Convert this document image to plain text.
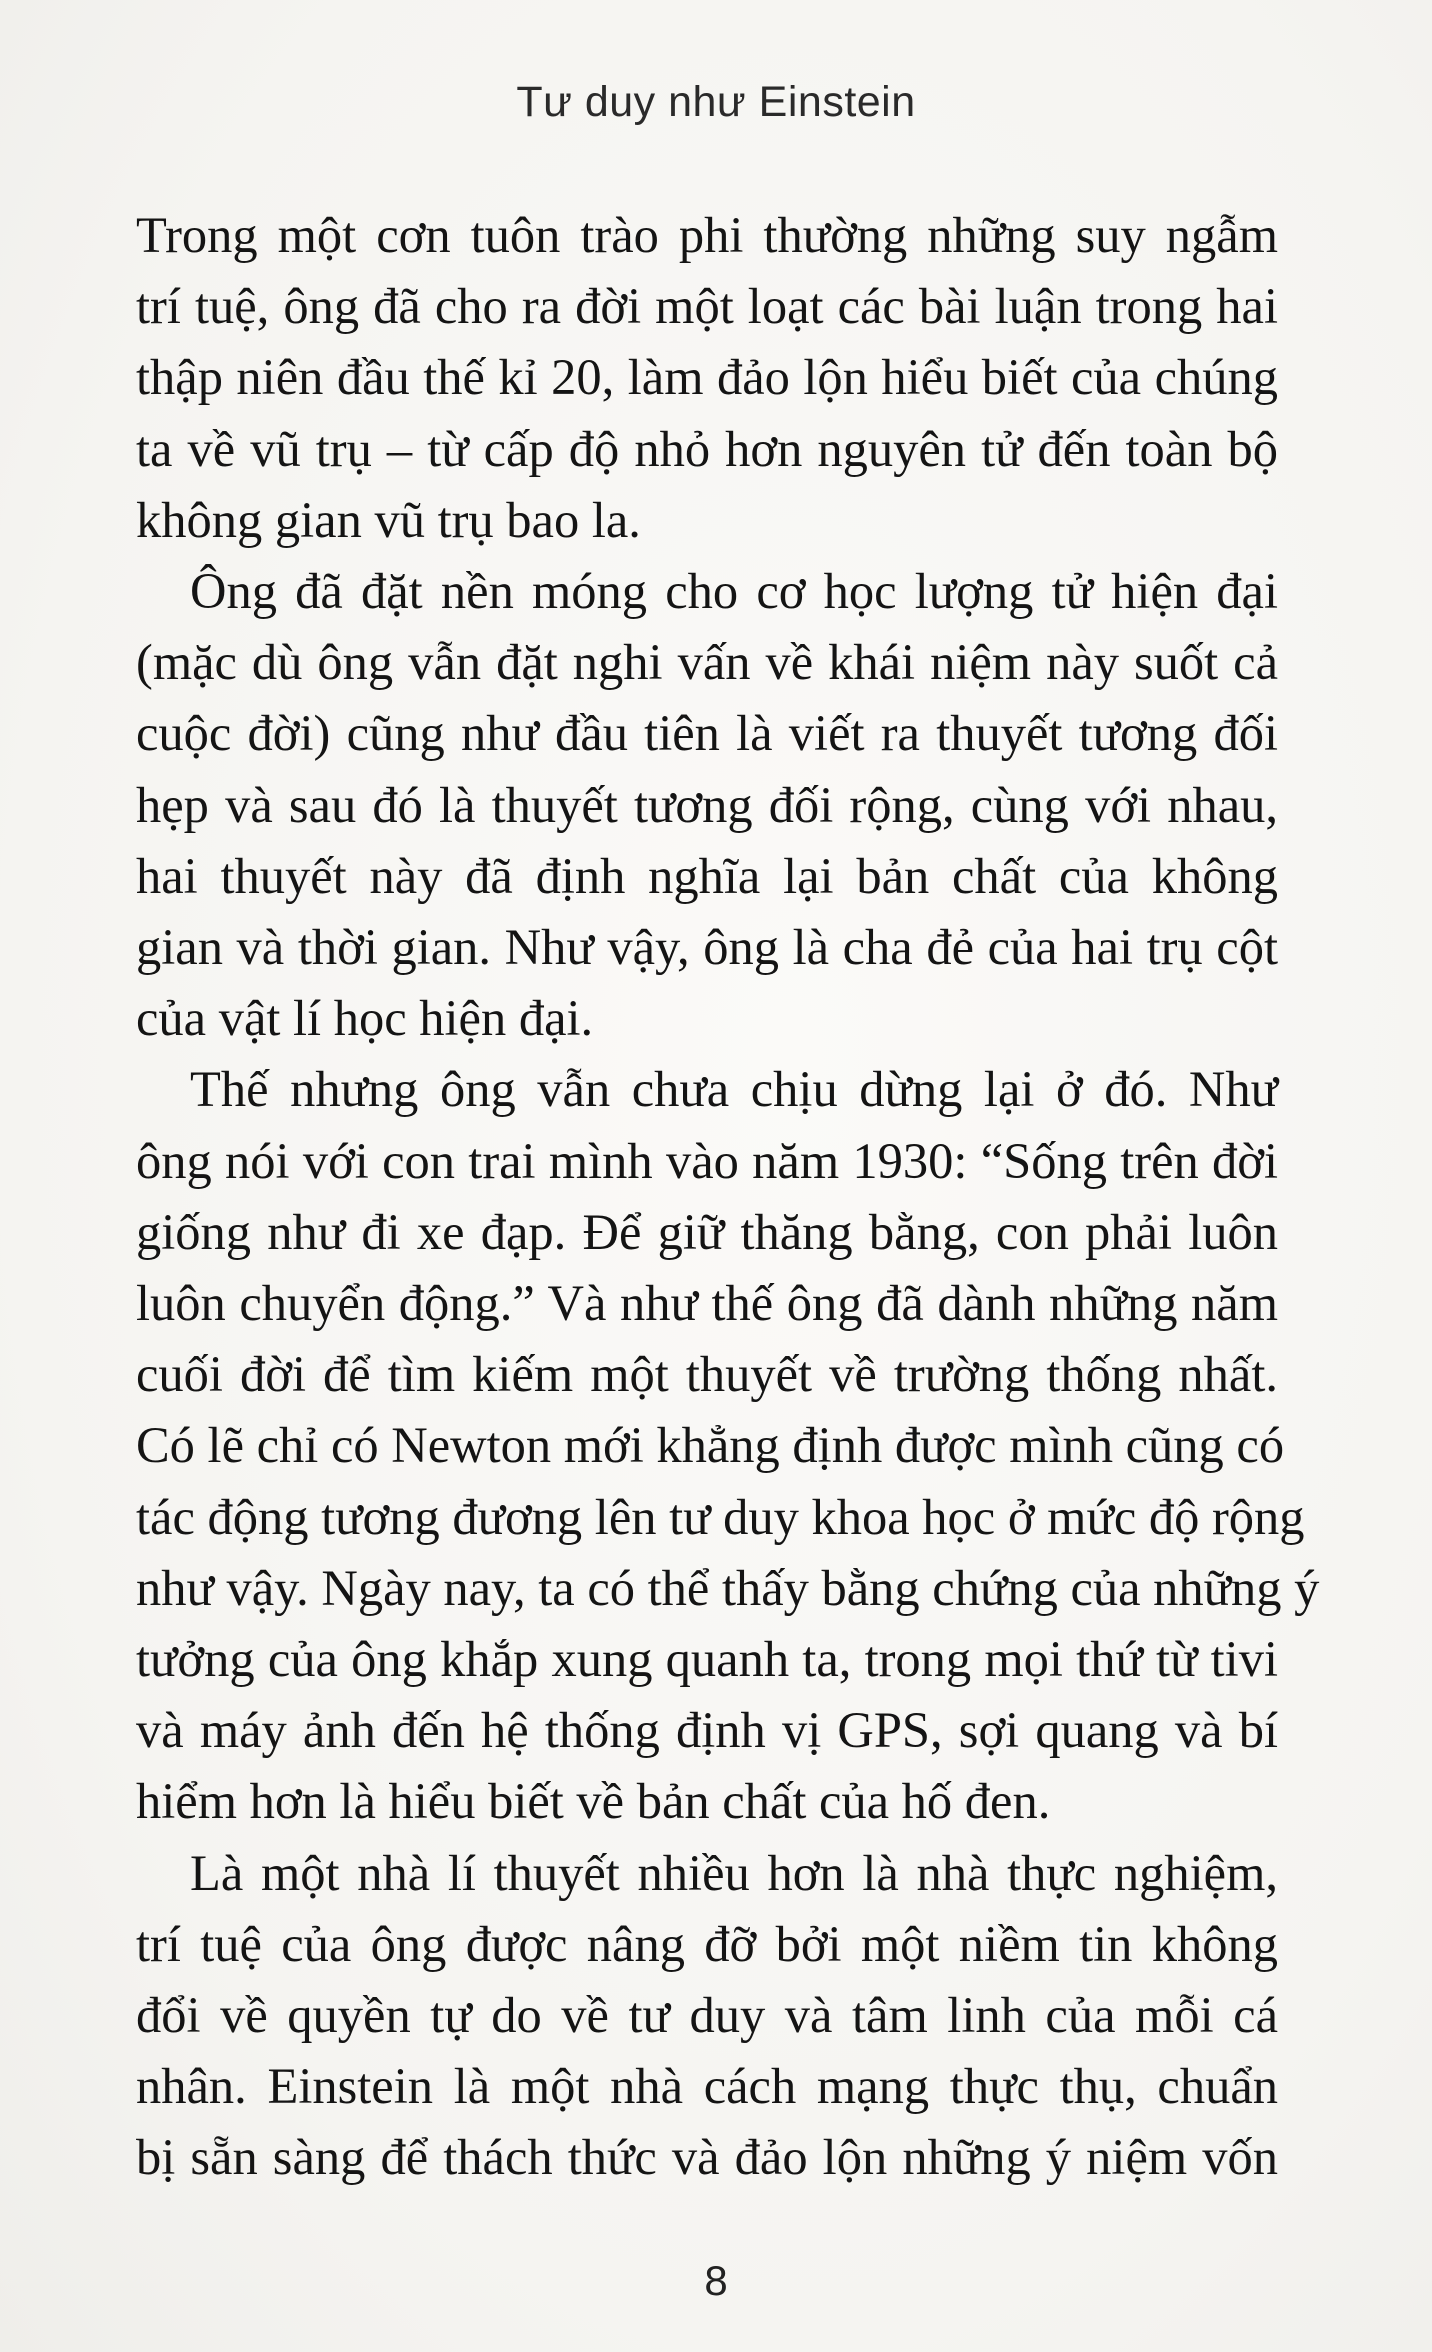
Tư duy như Einstein

Trong một cơn tuôn trào phi thường những suy ngẫm
trí tuệ, ông đã cho ra đời một loạt các bài luận trong hai
thập niên đầu thế kỉ 20, làm đảo lộn hiểu biết của chúng
ta về vũ trụ – từ cấp độ nhỏ hơn nguyên tử đến toàn bộ
không gian vũ trụ bao la.

Ông đã đặt nền móng cho cơ học lượng tử hiện đại
(mặc dù ông vẫn đặt nghi vấn về khái niệm này suốt cả
cuộc đời) cũng như đầu tiên là viết ra thuyết tương đối
hẹp và sau đó là thuyết tương đối rộng, cùng với nhau,
hai thuyết này đã định nghĩa lại bản chất của không
gian và thời gian. Như vậy, ông là cha đẻ của hai trụ cột
của vật lí học hiện đại.

Thế nhưng ông vẫn chưa chịu dừng lại ở đó. Như
ông nói với con trai mình vào năm 1930: “Sống trên đời
giống như đi xe đạp. Để giữ thăng bằng, con phải luôn
luôn chuyển động.” Và như thế ông đã dành những năm
cuối đời để tìm kiếm một thuyết về trường thống nhất.
Có lẽ chỉ có Newton mới khẳng định được mình cũng có
tác động tương đương lên tư duy khoa học ở mức độ rộng
như vậy. Ngày nay, ta có thể thấy bằng chứng của những ý
tưởng của ông khắp xung quanh ta, trong mọi thứ từ tivi
và máy ảnh đến hệ thống định vị GPS, sợi quang và bí
hiểm hơn là hiểu biết về bản chất của hố đen.

Là một nhà lí thuyết nhiều hơn là nhà thực nghiệm,
trí tuệ của ông được nâng đỡ bởi một niềm tin không
đổi về quyền tự do về tư duy và tâm linh của mỗi cá
nhân. Einstein là một nhà cách mạng thực thụ, chuẩn
bị sẵn sàng để thách thức và đảo lộn những ý niệm vốn

8
